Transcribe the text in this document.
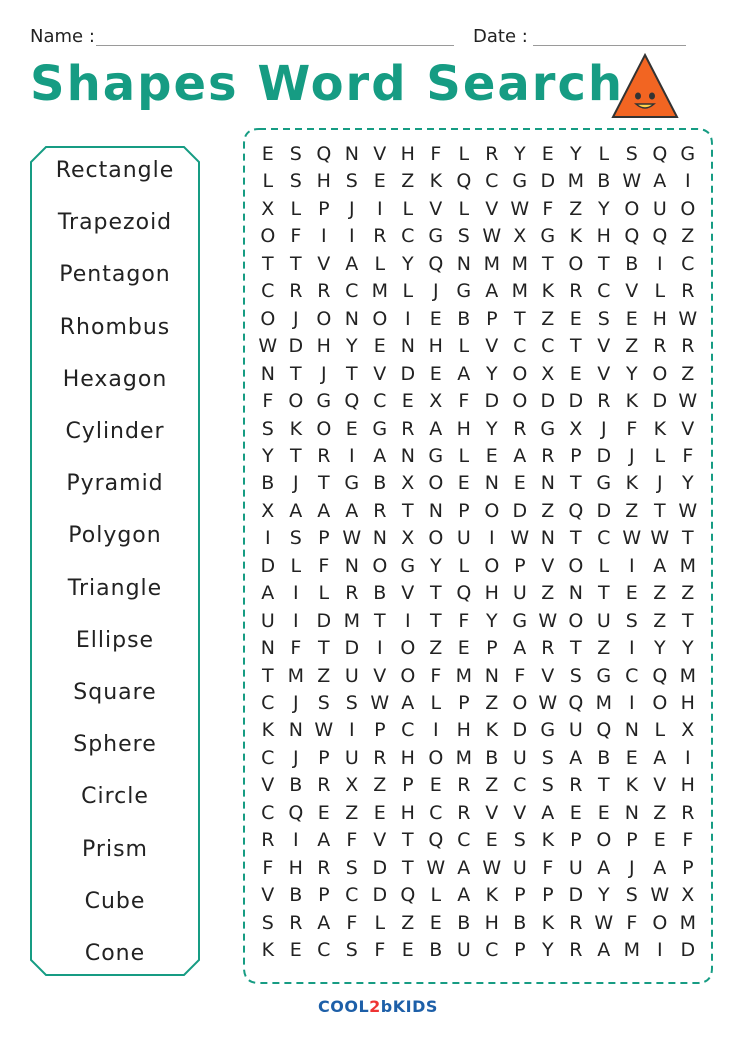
Name :	Date :
Shapes Word Search
Rectangle
Trapezoid
Pentagon
Rhombus
Hexagon
Cylinder
Pyramid
Polygon
Triangle
Ellipse
Square
Sphere
Circle
Prism
Cube
Cone
E S Q N V H F L R Y E Y L S Q G
L S H S E Z K Q C G D M B W A I
X L P	J	I	L V L V W F Z Y O U O
O F	I	I R C G S W X G K H Q Q Z
T T V A L Y Q N M M T O T B I C
C R R C M L	J G A M K R C V L R
O J O N O I	E B P T Z E S E H W
W D H Y E N H L V C C T V Z R R
N T	J	T V D E A Y O X E V Y O Z
F O G Q C E X F D O D D R K D W
S K O E G R A H Y R G X J	F K V
Y T R I A N G L E A R P D J	L F
B J	T G B X O E N E N T G K J	Y
X A A A R T N P O D Z Q D Z T W
I	S P W N X O U I W N T C W W T
D L F N O G Y L O P V O L	I A M
A I	L R B V T Q H U Z N T E Z Z
U I D M T	I	T F Y G W O U S Z T
N F T D I O Z E P A R T Z I	Y Y
T M Z U V O F M N F V S G C Q M
C J	S S W A L P Z O W Q M I O H
K N W I	P C I H K D G U Q N L X
C J	P U R H O M B U S A B E A I
V B R X Z P E R Z C S R T K V H
C Q E Z E H C R V V A E E N Z R
R I A F V T Q C E S K P O P E F
F H R S D T W A W U F U A J A P
V B P C D Q L A K P P D Y S W X
S R A F L Z E B H B K R W F O M
K E C S F E B U C P Y R A M I D
COOL2bKIDS
